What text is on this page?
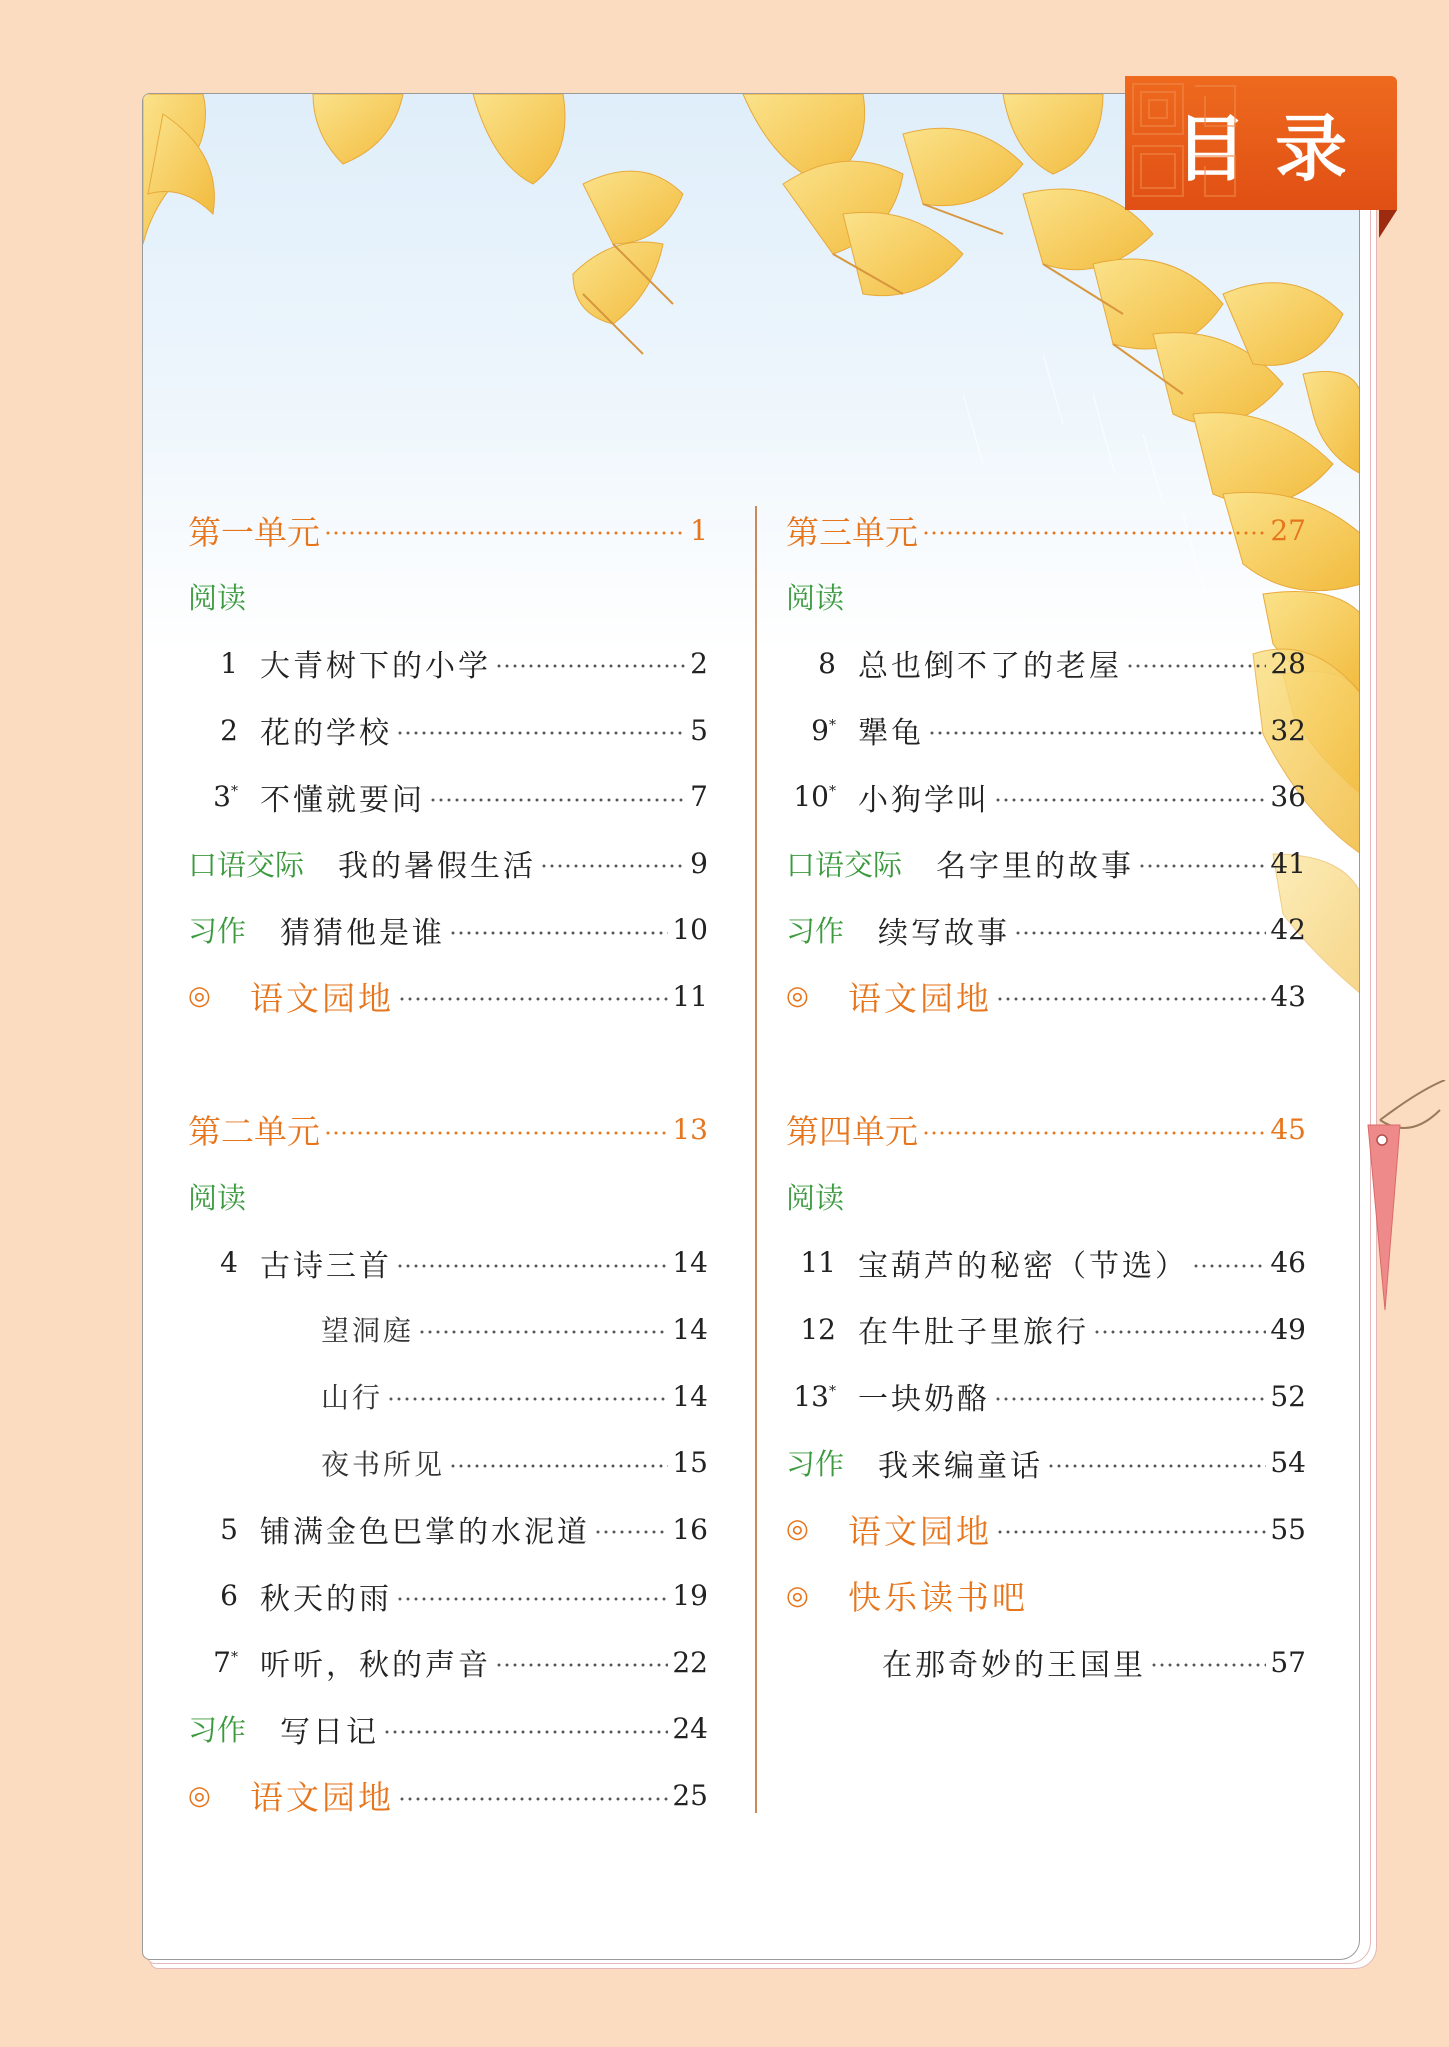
目录
第一单元	1
阅读
1 大青树下的小学	2
2 花的学校	5
3* 不懂就要问	7
口语交际 我的暑假生活	9
习作 猜猜他是谁	10
◎	语文园地	11
第二单元	13
阅读
4 古诗三首	14
望洞庭	14
山行	14
夜书所见	15
5 铺满金色巴掌的水泥道	16
6 秋天的雨	19
7* 听听，秋的声音	22
习作 写日记	24
◎	语文园地	25
第三单元	27
阅读
8 总也倒不了的老屋	28
9* 犟龟	32
10* 小狗学叫	36
口语交际 名字里的故事	41
习作 续写故事	42
◎	语文园地	43
第四单元	45
阅读
11 宝葫芦的秘密（节选）	46
12 在牛肚子里旅行	49
13* 一块奶酪	52
习作 我来编童话	54
◎	语文园地	55
◎	快乐读书吧
在那奇妙的王国里	57
